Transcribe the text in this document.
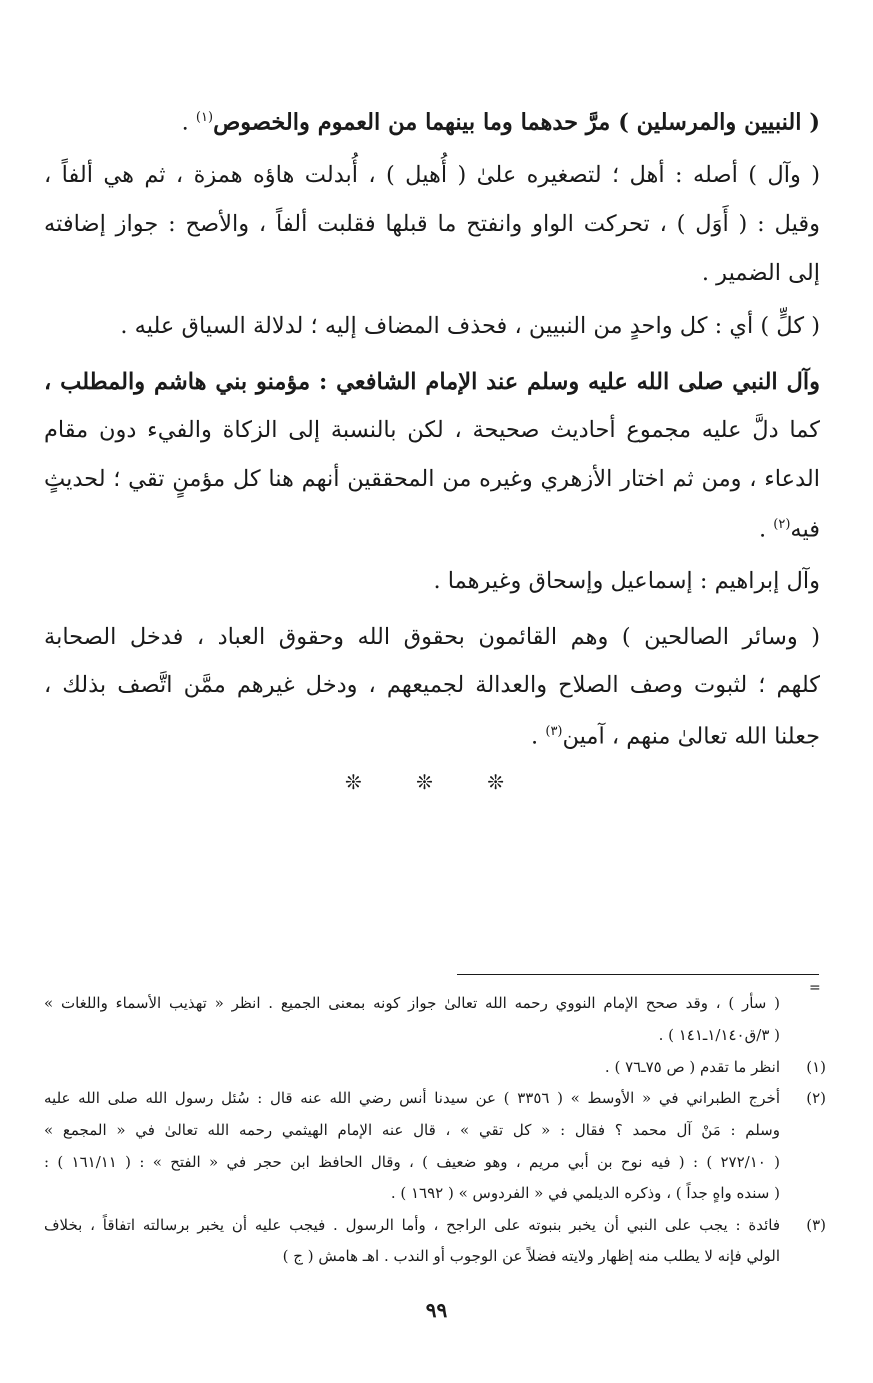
( النبيين والمرسلين ) مرَّ حدهما وما بينهما من العموم والخصوص$^{(١)}$ .
( وآل ) أصله : أهل ؛ لتصغيره علىٰ ( أُهيل ) ، أُبدلت هاؤه همزة ، ثم هي ألفاً ،
وقيل : ( أَوَل ) ، تحركت الواو وانفتح ما قبلها فقلبت ألفاً ، والأصح : جواز إضافته
إلى الضمير .
( كلٍّ ) أي : كل واحدٍ من النبيين ، فحذف المضاف إليه ؛ لدلالة السياق عليه .
وآل النبي صلى الله عليه وسلم عند الإمام الشافعي : مؤمنو بني هاشم والمطلب ،
كما دلَّ عليه مجموع أحاديث صحيحة ، لكن بالنسبة إلى الزكاة والفيء دون مقام
الدعاء ، ومن ثم اختار الأزهري وغيره من المحققين أنهم هنا كل مؤمنٍ تقي ؛ لحديثٍ
فيه$^{(٢)}$ .
وآل إبراهيم : إسماعيل وإسحاق وغيرهما .
( وسائر الصالحين ) وهم القائمون بحقوق الله وحقوق العباد ، فدخل الصحابة
كلهم ؛ لثبوت وصف الصلاح والعدالة لجميعهم ، ودخل غيرهم ممَّن اتَّصف بذلك ،
جعلنا الله تعالىٰ منهم ، آمين$^{(٣)}$ .
❊ ❊ ❊
=
( سأر ) ، وقد صحح الإمام النووي رحمه الله تعالىٰ جواز كونه بمعنى الجميع . انظر « تهذيب الأسماء واللغات »
( ٣/ق١/١٤٠ـ١٤١ ) .
(١)
انظر ما تقدم ( ص ٧٥ـ٧٦ ) .
(٢)
أخرج الطبراني في « الأوسط » ( ٣٣٥٦ ) عن سيدنا أنس رضي الله عنه قال : سُئل رسول الله صلى الله عليه
وسلم : مَنْ آل محمد ؟ فقال : « كل تقي » ، قال عنه الإمام الهيثمي رحمه الله تعالىٰ في « المجمع »
( ٢٧٢/١٠ ) : ( فيه نوح بن أبي مريم ، وهو ضعيف ) ، وقال الحافظ ابن حجر في « الفتح » : ( ١٦١/١١ ) :
( سنده واهٍ جداً ) ، وذكره الديلمي في « الفردوس » ( ١٦٩٢ ) .
(٣)
فائدة : يجب على النبي أن يخبر بنبوته على الراجح ، وأما الرسول . فيجب عليه أن يخبر برسالته اتفاقاً ، بخلاف
الولي فإنه لا يطلب منه إظهار ولايته فضلاً عن الوجوب أو الندب . اهـ هامش ( ج )
٩٩
